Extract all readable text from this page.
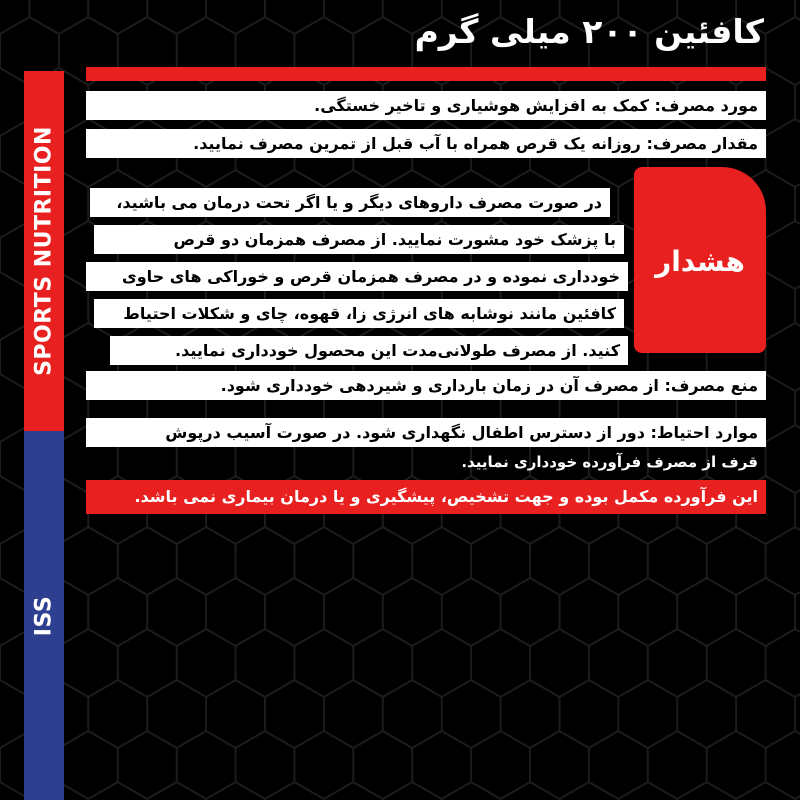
کافئین ۲۰۰ میلی گرم
SPORTS NUTRITION
ISS
مورد مصرف: کمک به افزایش هوشیاری و تاخیر خستگی.
مقدار مصرف: روزانه یک قرص همراه با آب قبل از تمرین مصرف نمایید.
هشدار
در صورت مصرف داروهای دیگر و یا اگر تحت درمان می باشید،
با پزشک خود مشورت نمایید. از مصرف همزمان دو قرص
خودداری نموده و در مصرف همزمان قرص و خوراکی های حاوی
کافئین مانند نوشابه های انرژی زا، قهوه، چای و شکلات احتیاط
کنید. از مصرف طولانی‌مدت این محصول خودداری نمایید.
منع مصرف: از مصرف آن در زمان بارداری و شیردهی خودداری شود.
موارد احتیاط: دور از دسترس اطفال نگهداری شود. در صورت آسیب درپوش
قرف از مصرف فرآورده خودداری نمایید.
این فرآورده مکمل بوده و جهت تشخیص، پیشگیری و یا درمان بیماری نمی باشد.
